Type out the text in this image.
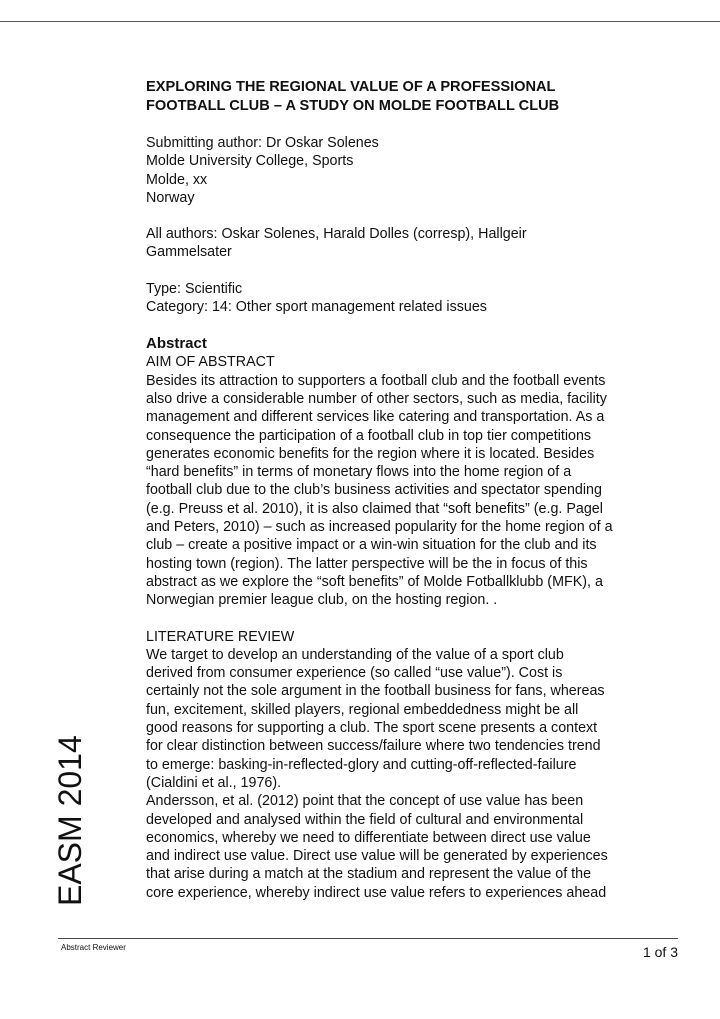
EXPLORING THE REGIONAL VALUE OF A PROFESSIONAL
FOOTBALL CLUB – A STUDY ON MOLDE FOOTBALL CLUB
Submitting author: Dr Oskar Solenes
Molde University College, Sports
Molde, xx
Norway
All authors: Oskar Solenes, Harald Dolles (corresp), Hallgeir
Gammelsater
Type: Scientific
Category: 14: Other sport management related issues
Abstract
AIM OF ABSTRACT
Besides its attraction to supporters a football club and the football events
also drive a considerable number of other sectors, such as media, facility
management and different services like catering and transportation. As a
consequence the participation of a football club in top tier competitions
generates economic benefits for the region where it is located. Besides
“hard benefits” in terms of monetary flows into the home region of a
football club due to the club’s business activities and spectator spending
(e.g. Preuss et al. 2010), it is also claimed that “soft benefits” (e.g. Pagel
and Peters, 2010) – such as increased popularity for the home region of a
club – create a positive impact or a win-win situation for the club and its
hosting town (region). The latter perspective will be the in focus of this
abstract as we explore the “soft benefits” of Molde Fotballklubb (MFK), a
Norwegian premier league club, on the hosting region. .
LITERATURE REVIEW
We target to develop an understanding of the value of a sport club
derived from consumer experience (so called “use value”). Cost is
certainly not the sole argument in the football business for fans, whereas
fun, excitement, skilled players, regional embeddedness might be all
good reasons for supporting a club. The sport scene presents a context
for clear distinction between success/failure where two tendencies trend
to emerge: basking-in-reflected-glory and cutting-off-reflected-failure
(Cialdini et al., 1976).
Andersson, et al. (2012) point that the concept of use value has been
developed and analysed within the field of cultural and environmental
economics, whereby we need to differentiate between direct use value
and indirect use value. Direct use value will be generated by experiences
that arise during a match at the stadium and represent the value of the
core experience, whereby indirect use value refers to experiences ahead
EASM 2014
Abstract Reviewer	1 of 3
